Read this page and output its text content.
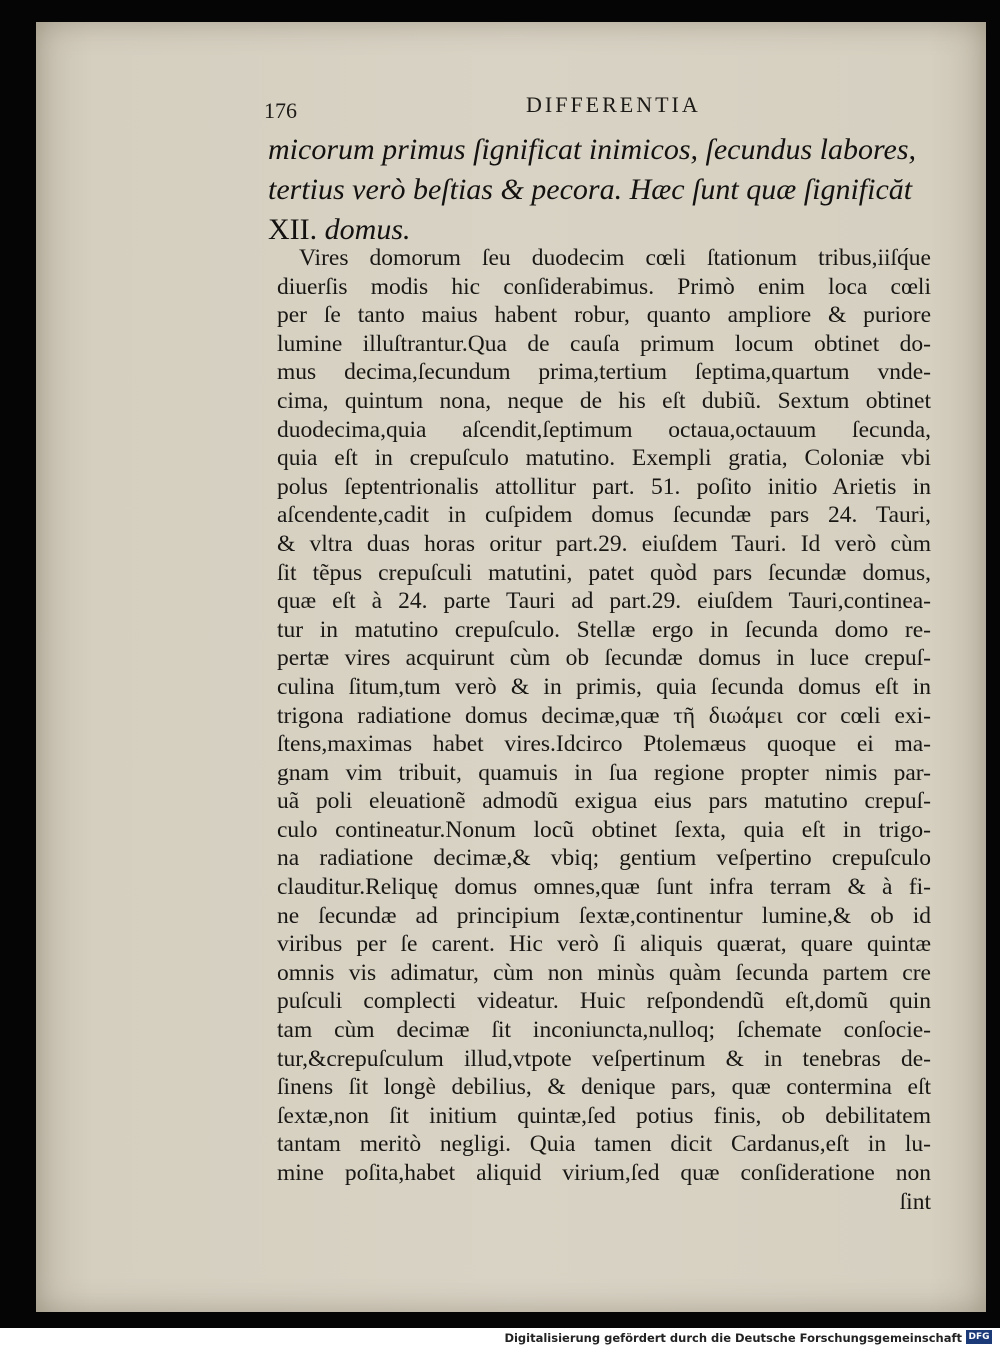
176	DIFFERENTIA
micorum primus ſignificat inimicos, ſecundus labores,
tertius verò beſtias & pecora. Hæc ſunt quæ ſignificăt
XII. domus.
Vires domorum ſeu duodecim cœli ſtationum tribus,iiſq́ue
diuerſis modis hic conſiderabimus. Primò enim loca cœli
per ſe tanto maius habent robur, quanto ampliore & puriore
lumine illuſtrantur.Qua de cauſa primum locum obtinet do-
mus decima,ſecundum prima,tertium ſeptima,quartum vnde-
cima, quintum nona, neque de his eſt dubiũ. Sextum obtinet
duodecima,quia aſcendit,ſeptimum octaua,octauum ſecunda,
quia eſt in crepuſculo matutino. Exempli gratia, Coloniæ vbi
polus ſeptentrionalis attollitur part. 51. poſito initio Arietis in
aſcendente,cadit in cuſpidem domus ſecundæ pars 24. Tauri,
& vltra duas horas oritur part.29. eiuſdem Tauri. Id verò cùm
ſit tẽpus crepuſculi matutini, patet quòd pars ſecundæ domus,
quæ eſt à 24. parte Tauri ad part.29. eiuſdem Tauri,continea-
tur in matutino crepuſculo. Stellæ ergo in ſecunda domo re-
pertæ vires acquirunt cùm ob ſecundæ domus in luce crepuſ-
culina ſitum,tum verò & in primis, quia ſecunda domus eſt in
trigona radiatione domus decimæ,quæ τῆ διωάμει cor cœli exi-
ſtens,maximas habet vires.Idcirco Ptolemæus quoque ei ma-
gnam vim tribuit, quamuis in ſua regione propter nimis par-
uã poli eleuationẽ admodũ exigua eius pars matutino crepuſ-
culo contineatur.Nonum locũ obtinet ſexta, quia eſt in trigo-
na radiatione decimæ,& vbiq; gentium veſpertino crepuſculo
clauditur.Reliquę domus omnes,quæ ſunt infra terram & à fi-
ne ſecundæ ad principium ſextæ,continentur lumine,& ob id
viribus per ſe carent. Hic verò ſi aliquis quærat, quare quintæ
omnis vis adimatur, cùm non minùs quàm ſecunda partem cre
puſculi complecti videatur. Huic reſpondendũ eſt,domũ quin
tam cùm decimæ ſit inconiuncta,nulloq; ſchemate conſocie-
tur,&crepuſculum illud,vtpote veſpertinum & in tenebras de-
ſinens ſit longè debilius, & denique pars, quæ contermina eſt
ſextæ,non ſit initium quintæ,ſed potius finis, ob debilitatem
tantam meritò negligi. Quia tamen dicit Cardanus,eſt in lu-
mine poſita,habet aliquid virium,ſed quæ conſideratione non
ſint
Digitalisierung gefördert durch die Deutsche Forschungsgemeinschaft DFG
